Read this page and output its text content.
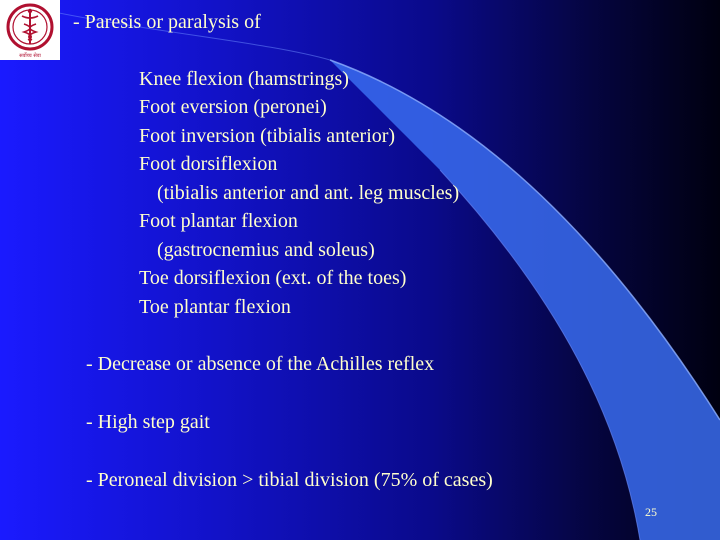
सर्वोच्च सेवा
- Paresis or paralysis of
Knee flexion (hamstrings)
Foot eversion (peronei)
Foot inversion (tibialis anterior)
Foot dorsiflexion
(tibialis anterior and ant. leg muscles)
Foot plantar flexion
(gastrocnemius and soleus)
Toe dorsiflexion (ext. of the toes)
Toe plantar flexion
- Decrease or absence of the Achilles reflex
- High step gait
- Peroneal division > tibial division (75% of cases)
25
